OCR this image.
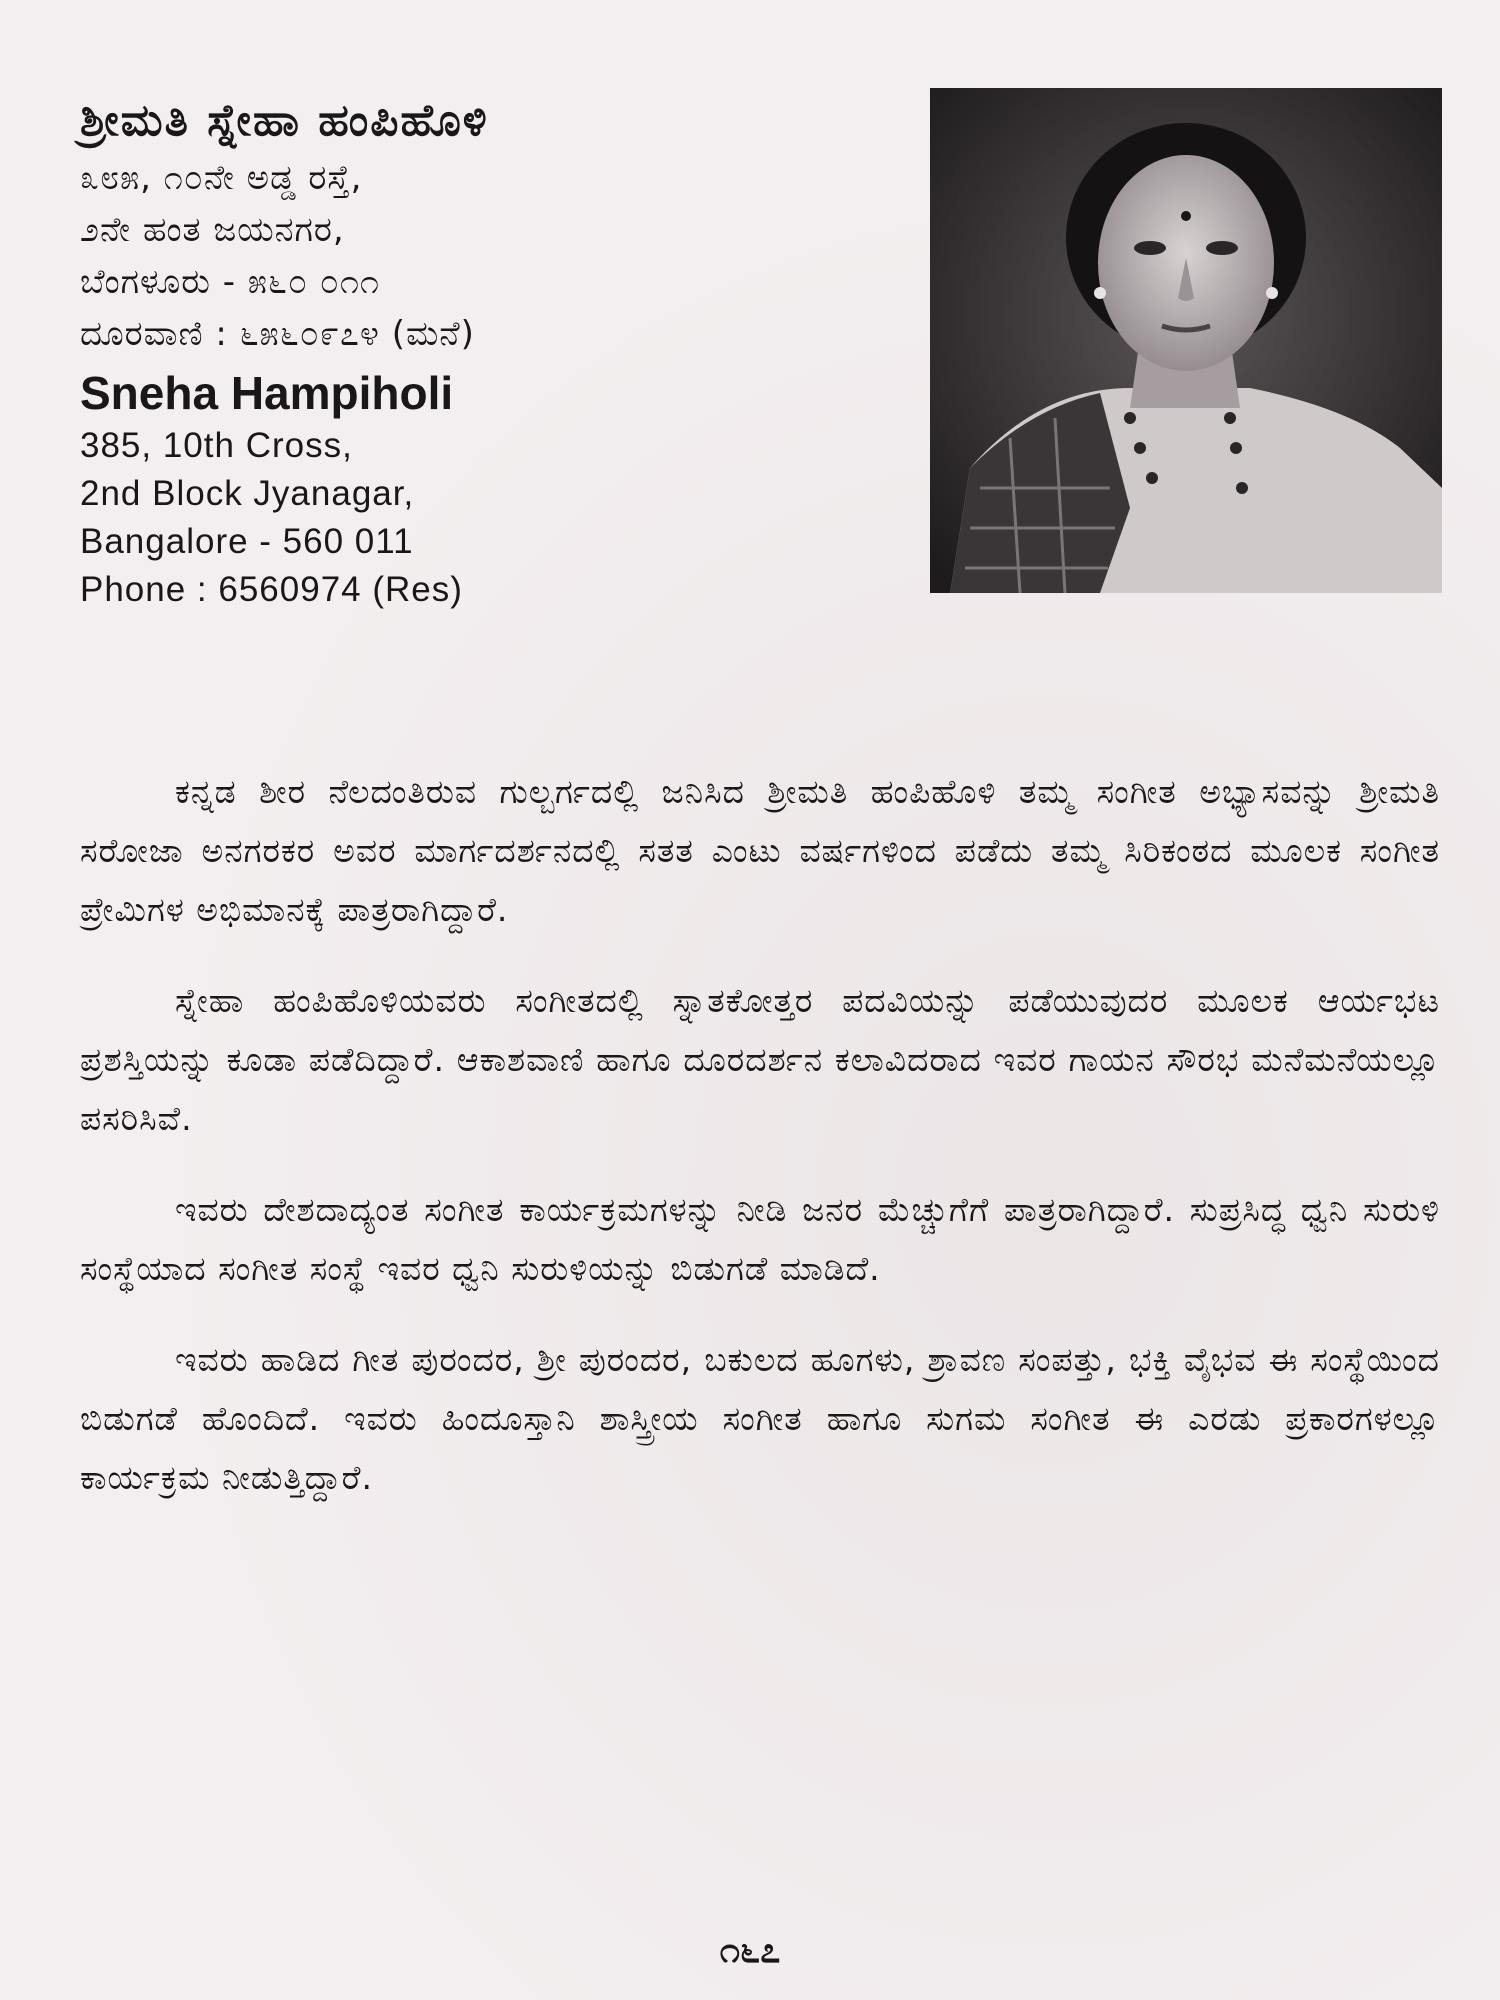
ಶ್ರೀಮತಿ ಸ್ನೇಹಾ ಹಂಪಿಹೊಳಿ

೩೮೫, ೧೦ನೇ ಅಡ್ಡ ರಸ್ತೆ,

೨ನೇ ಹಂತ ಜಯನಗರ,

ಬೆಂಗಳೂರು - ೫೬೦ ೦೧೧

ದೂರವಾಣಿ : ೬೫೬೦೯೭೪ (ಮನೆ)

Sneha Hampiholi
385, 10th Cross,
2nd Block Jyanagar,
Bangalore - 560 011
Phone : 6560974 (Res)

ಕನ್ನಡ ಶೀರ ನೆಲದಂತಿರುವ ಗುಲ್ಬರ್ಗದಲ್ಲಿ ಜನಿಸಿದ ಶ್ರೀಮತಿ ಹಂಪಿಹೊಳಿ ತಮ್ಮ ಸಂಗೀತ ಅಭ್ಯಾಸವನ್ನು ಶ್ರೀಮತಿ ಸರೋಜಾ ಅನಗರಕರ ಅವರ ಮಾರ್ಗದರ್ಶನದಲ್ಲಿ ಸತತ ಎಂಟು ವರ್ಷಗಳಿಂದ ಪಡೆದು ತಮ್ಮ ಸಿರಿಕಂಠದ ಮೂಲಕ ಸಂಗೀತ ಪ್ರೇಮಿಗಳ ಅಭಿಮಾನಕ್ಕೆ ಪಾತ್ರರಾಗಿದ್ದಾರೆ.

ಸ್ನೇಹಾ ಹಂಪಿಹೊಳಿಯವರು ಸಂಗೀತದಲ್ಲಿ ಸ್ನಾತಕೋತ್ತರ ಪದವಿಯನ್ನು ಪಡೆಯುವುದರ ಮೂಲಕ ಆರ್ಯಭಟ ಪ್ರಶಸ್ತಿಯನ್ನು ಕೂಡಾ ಪಡೆದಿದ್ದಾರೆ. ಆಕಾಶವಾಣಿ ಹಾಗೂ ದೂರದರ್ಶನ ಕಲಾವಿದರಾದ ಇವರ ಗಾಯನ ಸೌರಭ ಮನೆಮನೆಯಲ್ಲೂ ಪಸರಿಸಿವೆ.

ಇವರು ದೇಶದಾದ್ಯಂತ ಸಂಗೀತ ಕಾರ್ಯಕ್ರಮಗಳನ್ನು ನೀಡಿ ಜನರ ಮೆಚ್ಚುಗೆಗೆ ಪಾತ್ರರಾಗಿದ್ದಾರೆ. ಸುಪ್ರಸಿದ್ಧ ಧ್ವನಿ ಸುರುಳಿ ಸಂಸ್ಥೆಯಾದ ಸಂಗೀತ ಸಂಸ್ಥೆ ಇವರ ಧ್ವನಿ ಸುರುಳಿಯನ್ನು ಬಿಡುಗಡೆ ಮಾಡಿದೆ.

ಇವರು ಹಾಡಿದ ಗೀತ ಪುರಂದರ, ಶ್ರೀ ಪುರಂದರ, ಬಕುಲದ ಹೂಗಳು, ಶ್ರಾವಣ ಸಂಪತ್ತು, ಭಕ್ತಿ ವೈಭವ ಈ ಸಂಸ್ಥೆಯಿಂದ ಬಿಡುಗಡೆ ಹೊಂದಿದೆ. ಇವರು ಹಿಂದೂಸ್ತಾನಿ ಶಾಸ್ತ್ರೀಯ ಸಂಗೀತ ಹಾಗೂ ಸುಗಮ ಸಂಗೀತ ಈ ಎರಡು ಪ್ರಕಾರಗಳಲ್ಲೂ ಕಾರ್ಯಕ್ರಮ ನೀಡುತ್ತಿದ್ದಾರೆ.

೧೬೭
